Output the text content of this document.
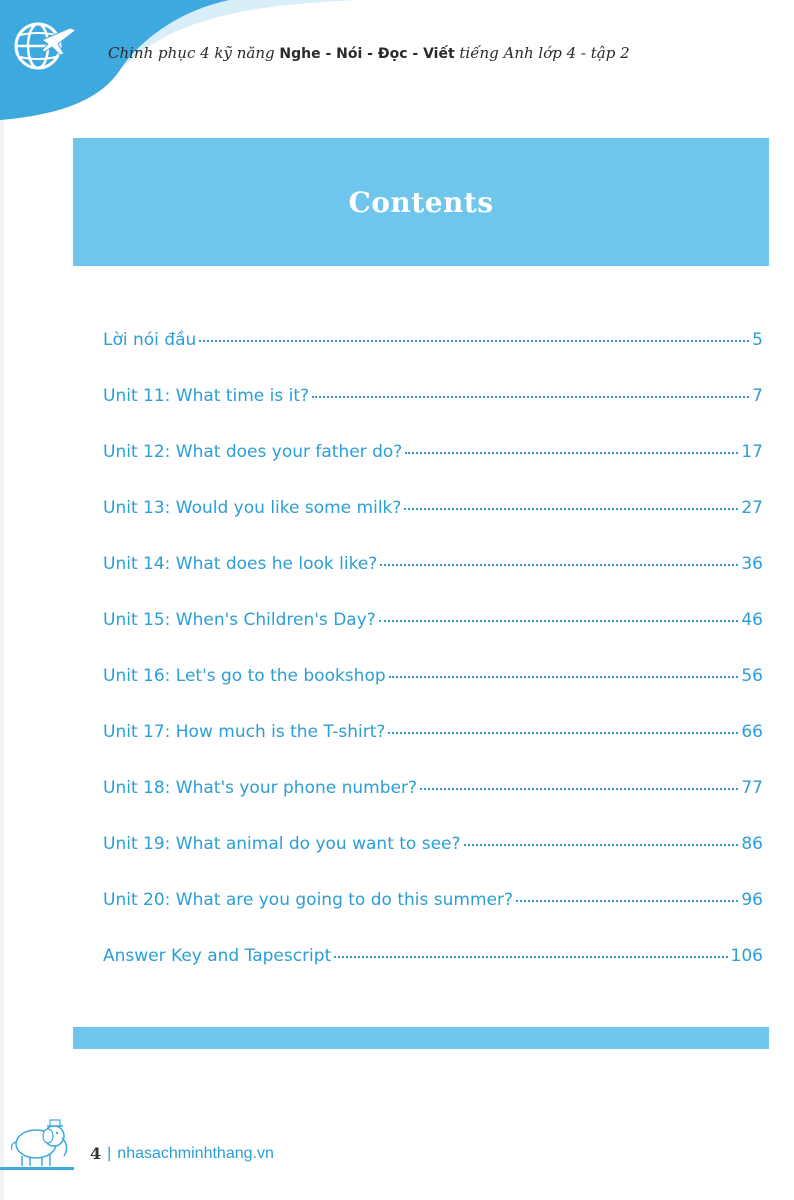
Chinh phục 4 kỹ năng Nghe - Nói - Đọc - Viết tiếng Anh lớp 4 - tập 2
Contents
Lời nói đầu	5
Unit 11: What time is it?	7
Unit 12: What does your father do?	17
Unit 13: Would you like some milk?	27
Unit 14: What does he look like?	36
Unit 15: When's Children's Day?	46
Unit 16: Let's go to the bookshop	56
Unit 17: How much is the T-shirt?	66
Unit 18: What's your phone number?	77
Unit 19: What animal do you want to see?	86
Unit 20: What are you going to do this summer?	96
Answer Key and Tapescript	106
4 | nhasachminhthang.vn
